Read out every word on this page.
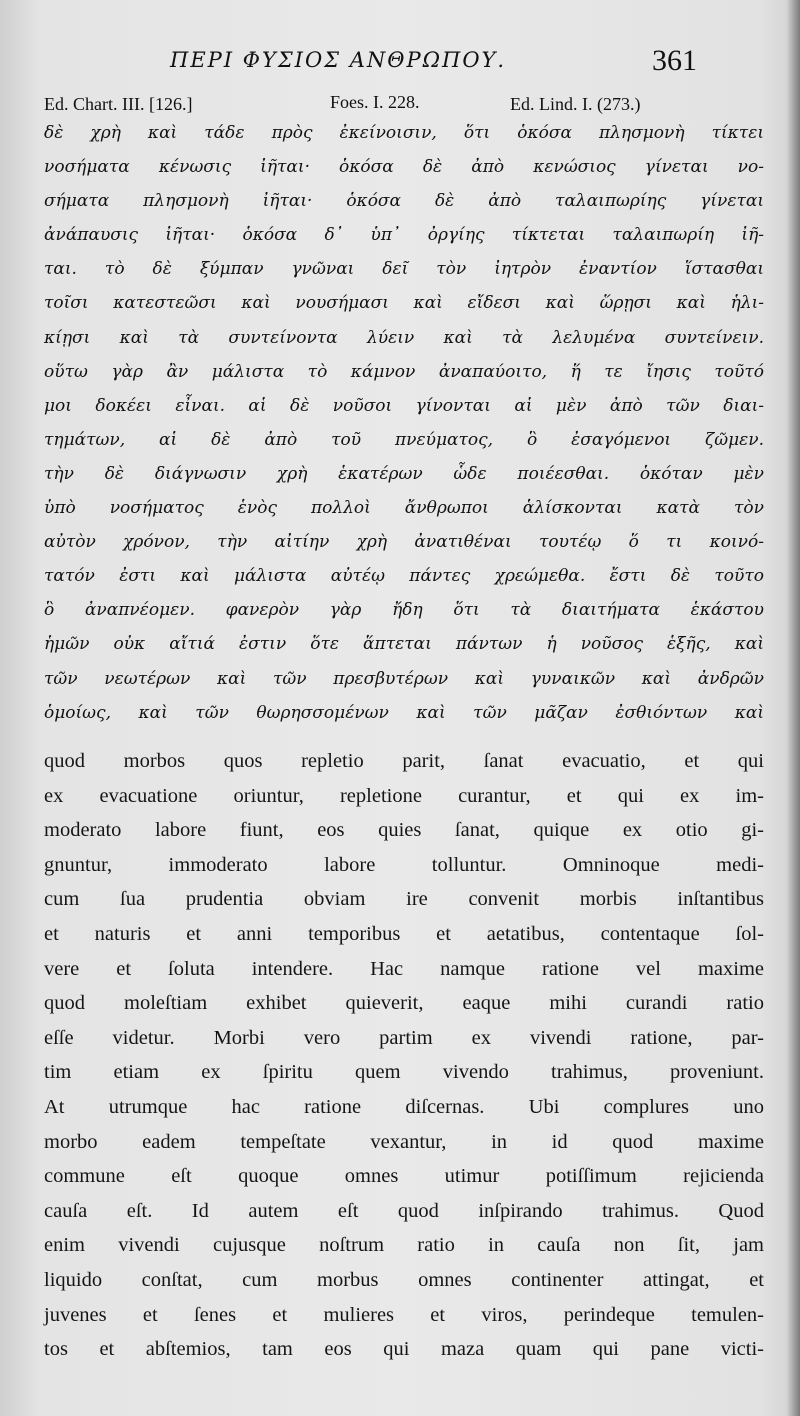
ΠΕΡΙ ΦΥΣΙΟΣ ΑΝΘΡΩΠΟΥ.	361
Ed. Chart. III. [126.]	Foes. I. 228.	Ed. Lind. I. (273.)
δὲ χρὴ καὶ τάδε πρὸς ἐκείνοισιν, ὅτι ὁκόσα πλησμονὴ τίκτει
νοσήματα κένωσις ἰῆται· ὁκόσα δὲ ἀπὸ κενώσιος γίνεται νο-
σήματα πλησμονὴ ἰῆται· ὁκόσα δὲ ἀπὸ ταλαιπωρίης γίνεται
ἀνάπαυσις ἰῆται· ὁκόσα δ᾿ ὑπ᾿ ὀργίης τίκτεται ταλαιπωρίη ἰῆ-
ται. τὸ δὲ ξύμπαν γνῶναι δεῖ τὸν ἰητρὸν ἐναντίον ἵστασθαι
τοῖσι κατεστεῶσι καὶ νουσήμασι καὶ εἴδεσι καὶ ὥρῃσι καὶ ἡλι-
κίῃσι καὶ τὰ συντείνοντα λύειν καὶ τὰ λελυμένα συντείνειν.
οὕτω γὰρ ἂν μάλιστα τὸ κάμνον ἀναπαύοιτο, ἥ τε ἴησις τοῦτό
μοι δοκέει εἶναι. αἱ δὲ νοῦσοι γίνονται αἱ μὲν ἀπὸ τῶν διαι-
τημάτων, αἱ δὲ ἀπὸ τοῦ πνεύματος, ὃ ἐσαγόμενοι ζῶμεν.
τὴν δὲ διάγνωσιν χρὴ ἑκατέρων ὧδε ποιέεσθαι. ὁκόταν μὲν
ὑπὸ νοσήματος ἑνὸς πολλοὶ ἄνθρωποι ἁλίσκονται κατὰ τὸν
αὐτὸν χρόνον, τὴν αἰτίην χρὴ ἀνατιθέναι τουτέῳ ὅ τι κοινό-
τατόν ἐστι καὶ μάλιστα αὐτέῳ πάντες χρεώμεθα. ἔστι δὲ τοῦτο
ὃ ἀναπνέομεν. φανερὸν γὰρ ἤδη ὅτι τὰ διαιτήματα ἑκάστου
ἡμῶν οὐκ αἴτιά ἐστιν ὅτε ἅπτεται πάντων ἡ νοῦσος ἑξῆς, καὶ
τῶν νεωτέρων καὶ τῶν πρεσβυτέρων καὶ γυναικῶν καὶ ἀνδρῶν
ὁμοίως, καὶ τῶν θωρησσομένων καὶ τῶν μᾶζαν ἐσθιόντων καὶ
quod morbos quos repletio parit, ſanat evacuatio, et qui
ex evacuatione oriuntur, repletione curantur, et qui ex im-
moderato labore fiunt, eos quies ſanat, quique ex otio gi-
gnuntur, immoderato labore tolluntur. Omninoque medi-
cum ſua prudentia obviam ire convenit morbis inſtantibus
et naturis et anni temporibus et aetatibus, contentaque ſol-
vere et ſoluta intendere. Hac namque ratione vel maxime
quod moleſtiam exhibet quieverit, eaque mihi curandi ratio
eſſe videtur. Morbi vero partim ex vivendi ratione, par-
tim etiam ex ſpiritu quem vivendo trahimus, proveniunt.
At utrumque hac ratione diſcernas. Ubi complures uno
morbo eadem tempeſtate vexantur, in id quod maxime
commune eſt quoque omnes utimur potiſſimum rejicienda
cauſa eſt. Id autem eſt quod inſpirando trahimus. Quod
enim vivendi cujusque noſtrum ratio in cauſa non ſit, jam
liquido conſtat, cum morbus omnes continenter attingat, et
juvenes et ſenes et mulieres et viros, perindeque temulen-
tos et abſtemios, tam eos qui maza quam qui pane victi-
